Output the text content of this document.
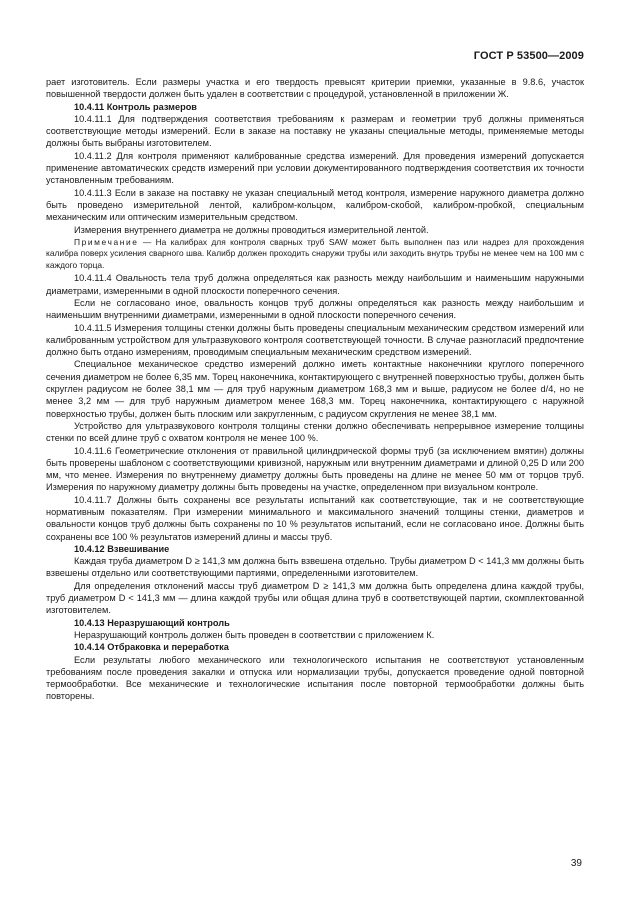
ГОСТ Р 53500—2009

рает изготовитель. Если размеры участка и его твердость превысят критерии приемки, указанные в 9.8.6, участок повышенной твердости должен быть удален в соответствии с процедурой, установленной в приложении Ж.

10.4.11 Контроль размеров

10.4.11.1 Для подтверждения соответствия требованиям к размерам и геометрии труб должны применяться соответствующие методы измерений. Если в заказе на поставку не указаны специальные методы, применяемые методы должны быть выбраны изготовителем.

10.4.11.2 Для контроля применяют калиброванные средства измерений. Для проведения измерений допускается применение автоматических средств измерений при условии документированного подтверждения соответствия их точности установленным требованиям.

10.4.11.3 Если в заказе на поставку не указан специальный метод контроля, измерение наружного диаметра должно быть проведено измерительной лентой, калибром-кольцом, калибром-скобой, калибром-пробкой, специальным механическим или оптическим измерительным средством.

Измерения внутреннего диаметра не должны проводиться измерительной лентой.

Примечание — На калибрах для контроля сварных труб SAW может быть выполнен паз или надрез для прохождения калибра поверх усиления сварного шва. Калибр должен проходить снаружи трубы или заходить внутрь трубы не менее чем на 100 мм с каждого торца.

10.4.11.4 Овальность тела труб должна определяться как разность между наибольшим и наименьшим наружными диаметрами, измеренными в одной плоскости поперечного сечения.

Если не согласовано иное, овальность концов труб должны определяться как разность между наибольшим и наименьшим внутренними диаметрами, измеренными в одной плоскости поперечного сечения.

10.4.11.5 Измерения толщины стенки должны быть проведены специальным механическим средством измерений или калиброванным устройством для ультразвукового контроля соответствующей точности. В случае разногласий предпочтение должно быть отдано измерениям, проводимым специальным механическим средством измерений.

Специальное механическое средство измерений должно иметь контактные наконечники круглого поперечного сечения диаметром не более 6,35 мм. Торец наконечника, контактирующего с внутренней поверхностью трубы, должен быть скруглен радиусом не более 38,1 мм — для труб наружным диаметром 168,3 мм и выше, радиусом не более d/4, но не менее 3,2 мм — для труб наружным диаметром менее 168,3 мм. Торец наконечника, контактирующего с наружной поверхностью трубы, должен быть плоским или закругленным, с радиусом скругления не менее 38,1 мм.

Устройство для ультразвукового контроля толщины стенки должно обеспечивать непрерывное измерение толщины стенки по всей длине труб с охватом контроля не менее 100 %.

10.4.11.6 Геометрические отклонения от правильной цилиндрической формы труб (за исключением вмятин) должны быть проверены шаблоном с соответствующими кривизной, наружным или внутренним диаметрами и длиной 0,25 D или 200 мм, что менее. Измерения по внутреннему диаметру должны быть проведены на длине не менее 50 мм от торцов труб. Измерения по наружному диаметру должны быть проведены на участке, определенном при визуальном контроле.

10.4.11.7 Должны быть сохранены все результаты испытаний как соответствующие, так и не соответствующие нормативным показателям. При измерении минимального и максимального значений толщины стенки, диаметров и овальности концов труб должны быть сохранены по 10 % результатов испытаний, если не согласовано иное. Должны быть сохранены все 100 % результатов измерений длины и массы труб.

10.4.12 Взвешивание

Каждая труба диаметром D ≥ 141,3 мм должна быть взвешена отдельно. Трубы диаметром D < 141,3 мм должны быть взвешены отдельно или соответствующими партиями, определенными изготовителем.

Для определения отклонений массы труб диаметром D ≥ 141,3 мм должна быть определена длина каждой трубы, труб диаметром D < 141,3 мм — длина каждой трубы или общая длина труб в соответствующей партии, скомплектованной изготовителем.

10.4.13 Неразрушающий контроль

Неразрушающий контроль должен быть проведен в соответствии с приложением К.

10.4.14 Отбраковка и переработка

Если результаты любого механического или технологического испытания не соответствуют установленным требованиям после проведения закалки и отпуска или нормализации трубы, допускается проведение одной повторной термообработки. Все механические и технологические испытания после повторной термообработки должны быть повторены.

39
